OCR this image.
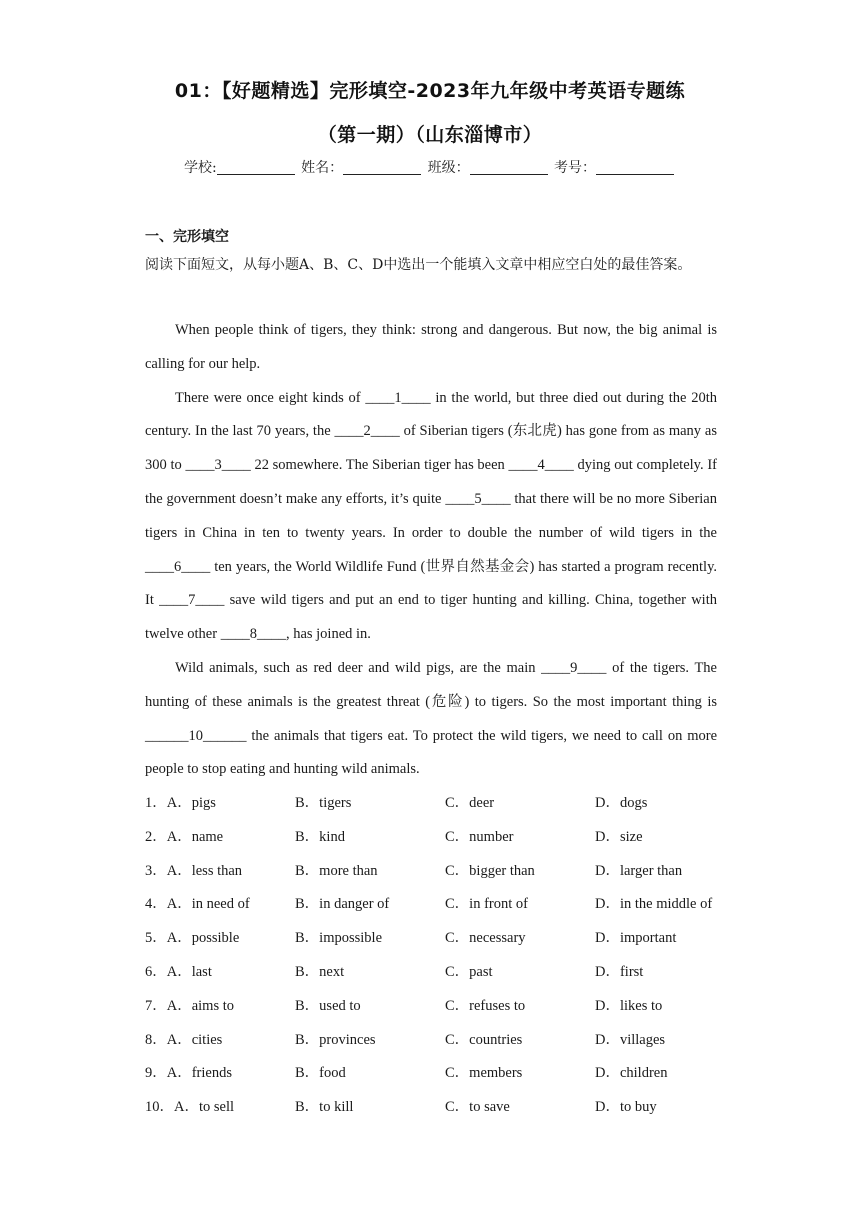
01：【好题精选】完形填空-2023年九年级中考英语专题练
（第一期）（山东淄博市）
学校:	姓名：	班级：	考号：
一、完形填空
阅读下面短文，从每小题A、B、C、D中选出一个能填入文章中相应空白处的最佳答案。

When people think of tigers, they think: strong and dangerous. But now, the big animal is calling for our help.

There were once eight kinds of ____1____ in the world, but three died out during the 20th century. In the last 70 years, the ____2____ of Siberian tigers (东北虎) has gone from as many as 300 to ____3____ 22 somewhere. The Siberian tiger has been ____4____ dying out completely. If the government doesn’t make any efforts, it’s quite ____5____ that there will be no more Siberian tigers in China in ten to twenty years. In order to double the number of wild tigers in the ____6____ ten years, the World Wildlife Fund (世界自然基金会) has started a program recently. It ____7____ save wild tigers and put an end to tiger hunting and killing. China, together with twelve other ____8____, has joined in.

Wild animals, such as red deer and wild pigs, are the main ____9____ of the tigers. The hunting of these animals is the greatest threat (危险) to tigers. So the most important thing is ______10______ the animals that tigers eat. To protect the wild tigers, we need to call on more people to stop eating and hunting wild animals.

1．A．pigs	B．tigers	C．deer	D．dogs
2．A．name	B．kind	C．number	D．size
3．A．less than	B．more than	C．bigger than	D．larger than
4．A．in need of	B．in danger of	C．in front of	D．in the middle of
5．A．possible	B．impossible	C．necessary	D．important
6．A．last	B．next	C．past	D．first
7．A．aims to	B．used to	C．refuses to	D．likes to
8．A．cities	B．provinces	C．countries	D．villages
9．A．friends	B．food	C．members	D．children
10．A．to sell	B．to kill	C．to save	D．to buy
